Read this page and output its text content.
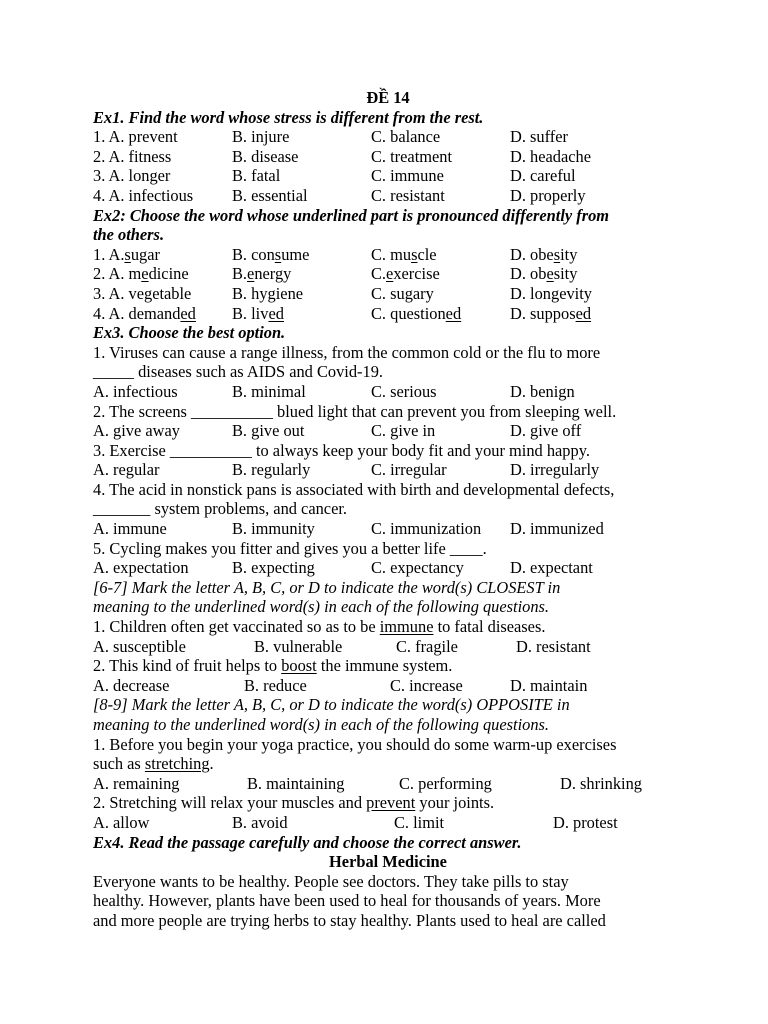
ĐỀ 14
Ex1. Find the word whose stress is different from the rest.
1. A. prevent	B. injure	C. balance	D. suffer
2. A. fitness	B. disease	C. treatment	D. headache
3. A. longer	B. fatal	C. immune	D. careful
4. A. infectious	B. essential	C. resistant	D. properly
Ex2: Choose the word whose underlined part is pronounced differently from
the others.
1. A.sugar	B. consume	C. muscle	D. obesity
2. A. medicine	B.energy	C.exercise	D. obesity
3. A. vegetable	B. hygiene	C. sugary	D. longevity
4. A. demanded	B. lived	C. questioned	D. supposed
Ex3. Choose the best option.
1. Viruses can cause a range illness, from the common cold or the flu to more
_____ diseases such as AIDS and Covid-19.
A. infectious	B. minimal	C. serious	D. benign
2. The screens __________ blued light that can prevent you from sleeping well.
A. give away	B. give out	C. give in	D. give off
3. Exercise __________ to always keep your body fit and your mind happy.
A. regular	B. regularly	C. irregular	D. irregularly
4. The acid in nonstick pans is associated with birth and developmental defects,
_______ system problems, and cancer.
A. immune	B. immunity	C. immunization	D. immunized
5. Cycling makes you fitter and gives you a better life ____.
A. expectation	B. expecting	C. expectancy	D. expectant
[6-7] Mark the letter A, B, C, or D to indicate the word(s) CLOSEST in
meaning to the underlined word(s) in each of the following questions.
1. Children often get vaccinated so as to be immune to fatal diseases.
A. susceptible	B. vulnerable	C. fragile	D. resistant
2. This kind of fruit helps to boost the immune system.
A. decrease	B. reduce	C. increase	D. maintain
[8-9] Mark the letter A, B, C, or D to indicate the word(s) OPPOSITE in
meaning to the underlined word(s) in each of the following questions.
1. Before you begin your yoga practice, you should do some warm-up exercises
such as stretching.
A. remaining	B. maintaining	C. performing	D. shrinking
2. Stretching will relax your muscles and prevent your joints.
A. allow	B. avoid	C. limit	D. protest
Ex4. Read the passage carefully and choose the correct answer.
Herbal Medicine
Everyone wants to be healthy. People see doctors. They take pills to stay
healthy. However, plants have been used to heal for thousands of years. More
and more people are trying herbs to stay healthy. Plants used to heal are called
